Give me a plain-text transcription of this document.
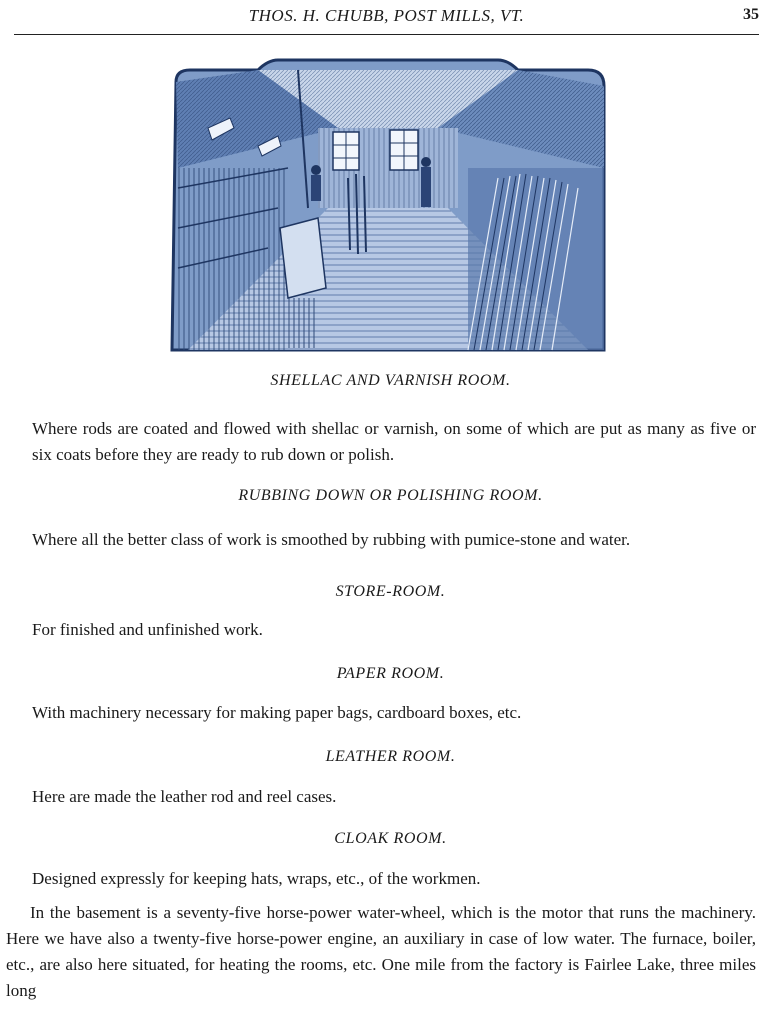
THOS. H. CHUBB, POST MILLS, VT.	35
SHELLAC AND VARNISH ROOM.
Where rods are coated and flowed with shellac or varnish, on some of which are put as many as five or six coats before they are ready to rub down or polish.
RUBBING DOWN OR POLISHING ROOM.
Where all the better class of work is smoothed by rubbing with pumice-stone and water.
STORE-ROOM.
For finished and unfinished work.
PAPER ROOM.
With machinery necessary for making paper bags, cardboard boxes, etc.
LEATHER ROOM.
Here are made the leather rod and reel cases.
CLOAK ROOM.
Designed expressly for keeping hats, wraps, etc., of the workmen.
In the basement is a seventy-five horse-power water-wheel, which is the motor that runs the machinery. Here we have also a twenty-five horse-power engine, an auxiliary in case of low water. The furnace, boiler, etc., are also here situated, for heating the rooms, etc. One mile from the factory is Fairlee Lake, three miles long
